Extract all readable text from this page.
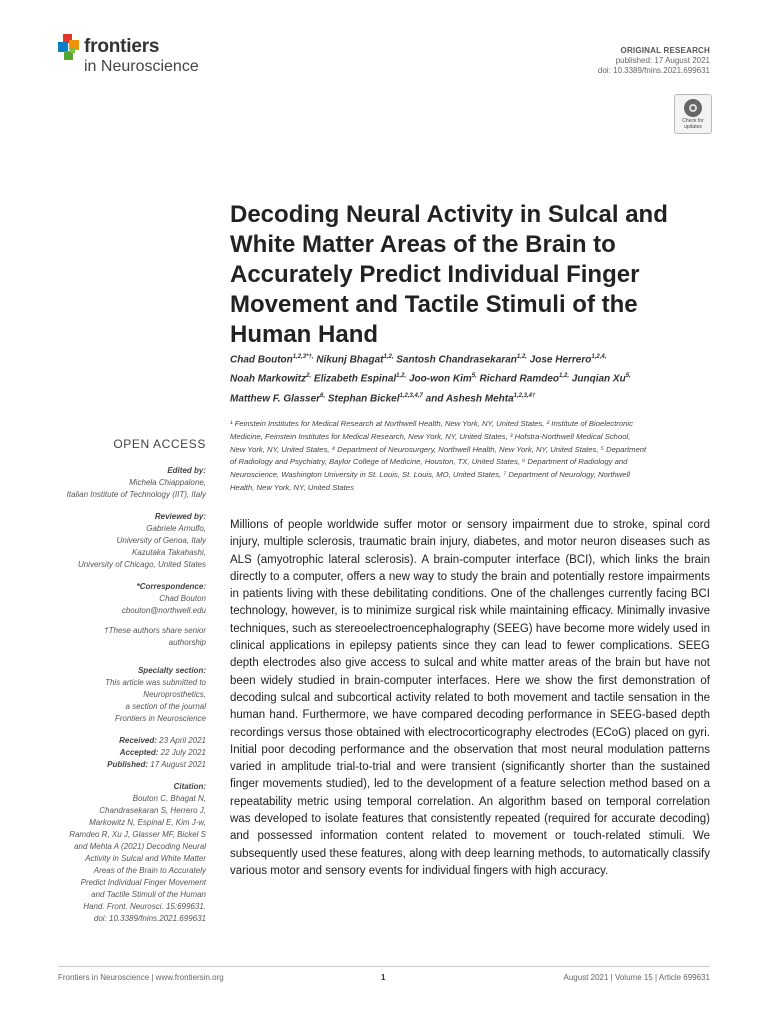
frontiers
in Neuroscience
ORIGINAL RESEARCH
published: 17 August 2021
doi: 10.3389/fnins.2021.699631
Check for updates
Decoding Neural Activity in Sulcal and White Matter Areas of the Brain to Accurately Predict Individual Finger Movement and Tactile Stimuli of the Human Hand
Chad Bouton$^{1,2,3*\dagger,}$ Nikunj Bhagat$^{1,2,}$ Santosh Chandrasekaran$^{1,2,}$ Jose Herrero$^{1,2,4,}$
Noah Markowitz$^{2,}$ Elizabeth Espinal$^{1,2,}$ Joo-won Kim$^{5,}$ Richard Ramdeo$^{1,2,}$ Junqian $Xu^{5,}$
Matthew F. Glasser$^{6,}$ Stephan Bickel$^{1,2,3,4,7}$ and Ashesh Mehta$^{1,2,3,4\dagger}$
¹ Feinstein Institutes for Medical Research at Northwell Health, New York, NY, United States, ² Institute of Bioelectronic
Medicine, Feinstein Institutes for Medical Research, New York, NY, United States, ³ Hofstra-Northwell Medical School,
New York, NY, United States, ⁴ Department of Neurosurgery, Northwell Health, New York, NY, United States, ⁵ Department
of Radiology and Psychiatry, Baylor College of Medicine, Houston, TX, United States, ⁶ Department of Radiology and
Neuroscience, Washington University in St. Louis, St. Louis, MO, United States, ⁷ Department of Neurology, Northwell
Health, New York, NY, United States
OPEN ACCESS
Edited by:
Michela Chiappalone,
Italian Institute of Technology (IIT), Italy
Reviewed by:
Gabriele Arnulfo,
University of Genoa, Italy
Kazutaka Takahashi,
University of Chicago, United States
*Correspondence:
Chad Bouton
cbouton@northwell.edu
†These authors share senior
authorship
Specialty section:
This article was submitted to
Neuroprosthetics,
a section of the journal
Frontiers in Neuroscience
Received: 23 April 2021
Accepted: 22 July 2021
Published: 17 August 2021
Citation:
Bouton C, Bhagat N,
Chandrasekaran S, Herrero J,
Markowitz N, Espinal E, Kim J-w,
Ramdeo R, Xu J, Glasser MF, Bickel S
and Mehta A (2021) Decoding Neural
Activity in Sulcal and White Matter
Areas of the Brain to Accurately
Predict Individual Finger Movement
and Tactile Stimuli of the Human
Hand. Front. Neurosci. 15:699631.
doi: 10.3389/fnins.2021.699631

Millions of people worldwide suffer motor or sensory impairment due to stroke, spinal cord injury, multiple sclerosis, traumatic brain injury, diabetes, and motor neuron diseases such as ALS (amyotrophic lateral sclerosis). A brain-computer interface (BCI), which links the brain directly to a computer, offers a new way to study the brain and potentially restore impairments in patients living with these debilitating conditions. One of the challenges currently facing BCI technology, however, is to minimize surgical risk while maintaining efficacy. Minimally invasive techniques, such as stereoelectroencephalography (SEEG) have become more widely used in clinical applications in epilepsy patients since they can lead to fewer complications. SEEG depth electrodes also give access to sulcal and white matter areas of the brain but have not been widely studied in brain-computer interfaces. Here we show the first demonstration of decoding sulcal and subcortical activity related to both movement and tactile sensation in the human hand. Furthermore, we have compared decoding performance in SEEG-based depth recordings versus those obtained with electrocorticography electrodes (ECoG) placed on gyri. Initial poor decoding performance and the observation that most neural modulation patterns varied in amplitude trial-to-trial and were transient (significantly shorter than the sustained finger movements studied), led to the development of a feature selection method based on a repeatability metric using temporal correlation. An algorithm based on temporal correlation was developed to isolate features that consistently repeated (required for accurate decoding) and possessed information content related to movement or touch-related stimuli. We subsequently used these features, along with deep learning methods, to automatically classify various motor and sensory events for individual fingers with high accuracy.

Frontiers in Neuroscience | www.frontiersin.org	1	August 2021 | Volume 15 | Article 699631
